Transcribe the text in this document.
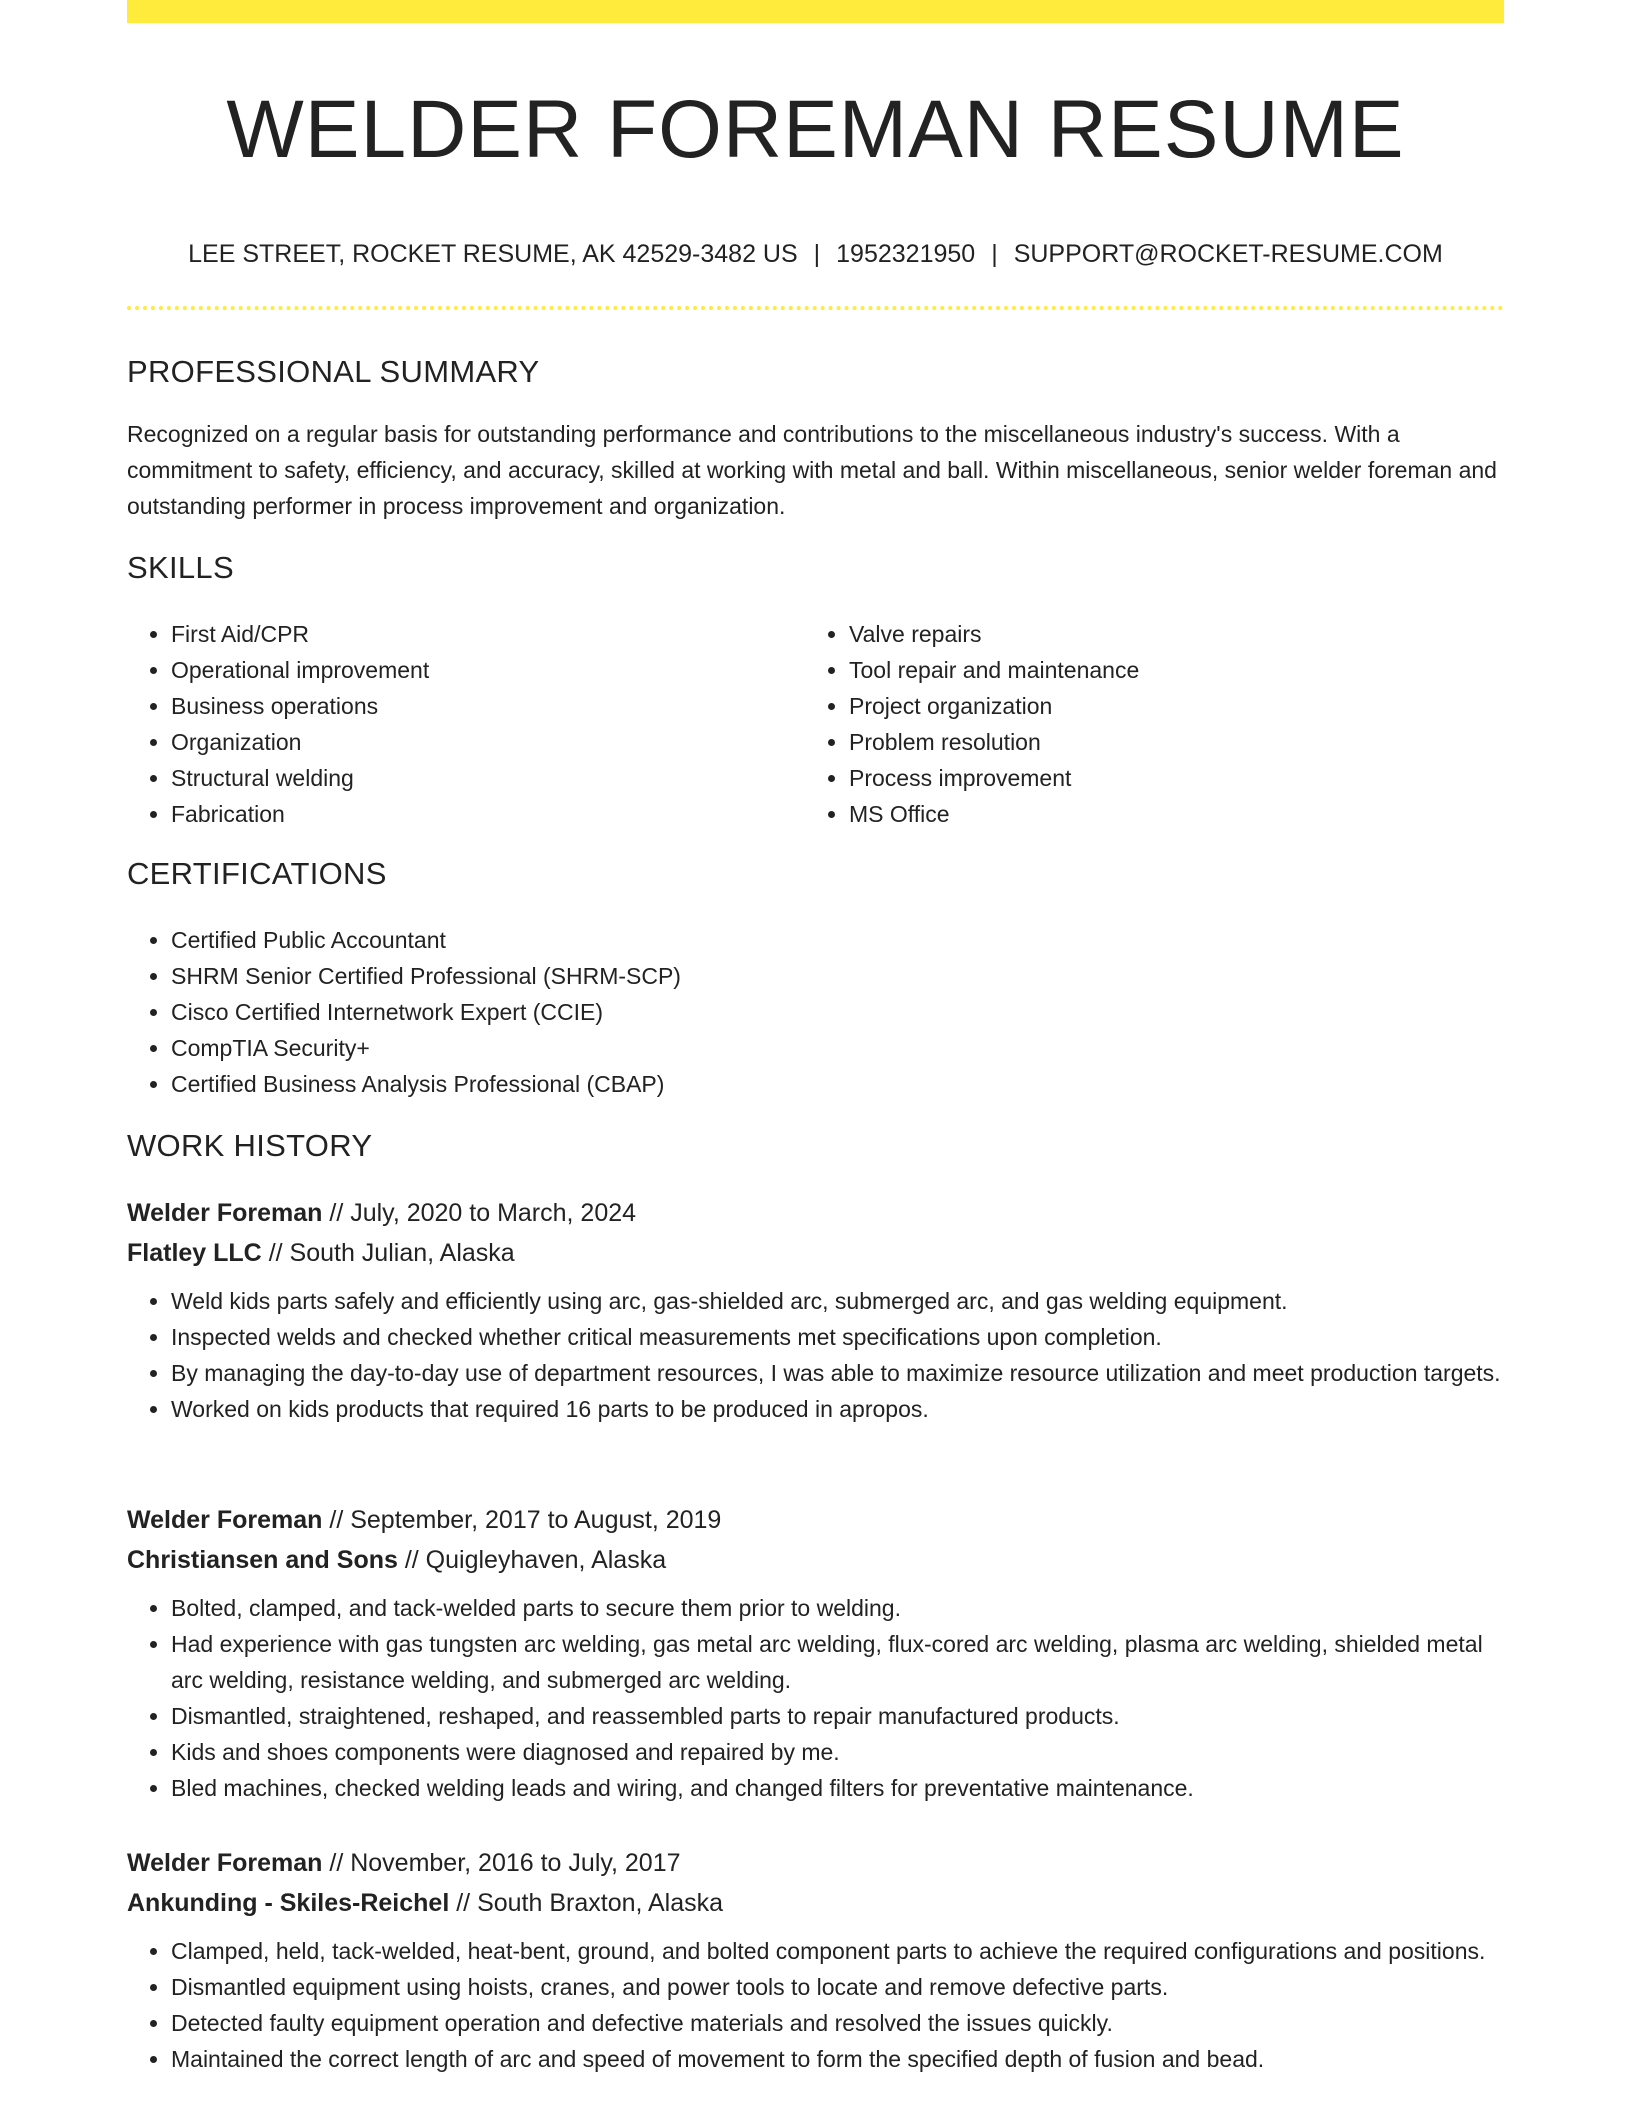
WELDER FOREMAN RESUME
LEE STREET, ROCKET RESUME, AK 42529-3482 US | 1952321950 | SUPPORT@ROCKET-RESUME.COM
PROFESSIONAL SUMMARY

Recognized on a regular basis for outstanding performance and contributions to the miscellaneous industry's success. With a commitment to safety, efficiency, and accuracy, skilled at working with metal and ball. Within miscellaneous, senior welder foreman and outstanding performer in process improvement and organization.

SKILLS
• First Aid/CPR
• Operational improvement
• Business operations
• Organization
• Structural welding
• Fabrication
• Valve repairs
• Tool repair and maintenance
• Project organization
• Problem resolution
• Process improvement
• MS Office
CERTIFICATIONS
• Certified Public Accountant
• SHRM Senior Certified Professional (SHRM-SCP)
• Cisco Certified Internetwork Expert (CCIE)
• CompTIA Security+
• Certified Business Analysis Professional (CBAP)
WORK HISTORY
Welder Foreman // July, 2020 to March, 2024
Flatley LLC // South Julian, Alaska
• Weld kids parts safely and efficiently using arc, gas-shielded arc, submerged arc, and gas welding equipment.
• Inspected welds and checked whether critical measurements met specifications upon completion.
• By managing the day-to-day use of department resources, I was able to maximize resource utilization and meet production targets.
• Worked on kids products that required 16 parts to be produced in apropos.
Welder Foreman // September, 2017 to August, 2019
Christiansen and Sons // Quigleyhaven, Alaska
• Bolted, clamped, and tack-welded parts to secure them prior to welding.
• Had experience with gas tungsten arc welding, gas metal arc welding, flux-cored arc welding, plasma arc welding, shielded metal arc welding, resistance welding, and submerged arc welding.
• Dismantled, straightened, reshaped, and reassembled parts to repair manufactured products.
• Kids and shoes components were diagnosed and repaired by me.
• Bled machines, checked welding leads and wiring, and changed filters for preventative maintenance.
Welder Foreman // November, 2016 to July, 2017
Ankunding - Skiles-Reichel // South Braxton, Alaska
• Clamped, held, tack-welded, heat-bent, ground, and bolted component parts to achieve the required configurations and positions.
• Dismantled equipment using hoists, cranes, and power tools to locate and remove defective parts.
• Detected faulty equipment operation and defective materials and resolved the issues quickly.
• Maintained the correct length of arc and speed of movement to form the specified depth of fusion and bead.
